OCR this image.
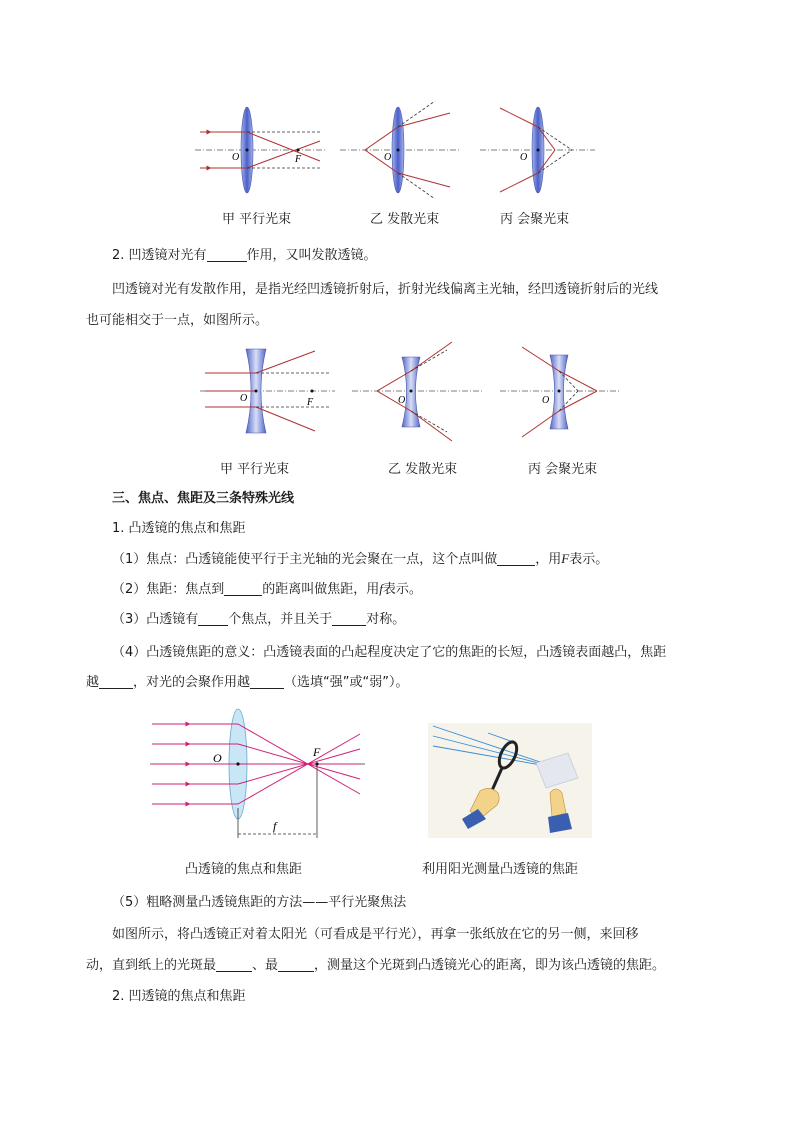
O	F	O	O
甲 平行光束	乙 发散光束	丙 会聚光束
2. 凹透镜对光有	作用，又叫发散透镜。
凹透镜对光有发散作用，是指光经凹透镜折射后，折射光线偏离主光轴，经凹透镜折射后的光线
也可能相交于一点，如图所示。
O	F	O	O
甲 平行光束	乙 发散光束	丙 会聚光束
三、焦点、焦距及三条特殊光线
1. 凸透镜的焦点和焦距
（1）焦点：凸透镜能使平行于主光轴的光会聚在一点，这个点叫做	，用F表示。
（2）焦距：焦点到	的距离叫做焦距，用f表示。
（3）凸透镜有 个焦点，并且关于	对称。
（4）凸透镜焦距的意义：凸透镜表面的凸起程度决定了它的焦距的长短，凸透镜表面越凸，焦距
越	，对光的会聚作用越	（选填“强”或“弱”）。
O	F
f
凸透镜的焦点和焦距	利用阳光测量凸透镜的焦距
（5）粗略测量凸透镜焦距的方法——平行光聚焦法
如图所示，将凸透镜正对着太阳光（可看成是平行光），再拿一张纸放在它的另一侧，来回移
动，直到纸上的光斑最	、最	，测量这个光斑到凸透镜光心的距离，即为该凸透镜的焦距。
2. 凹透镜的焦点和焦距
